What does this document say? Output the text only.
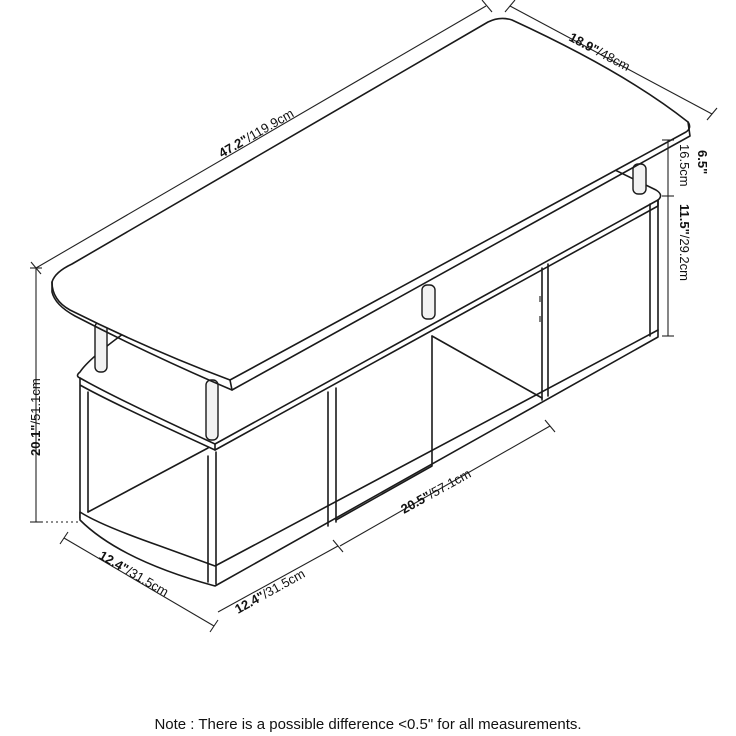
47.2"/119.9cm
18.9"/48cm
6.5"
16.5cm
11.5"/29.2cm
20.1"/51.1cm
12.4"/31.5cm
12.4"/31.5cm
20.5"/57.1cm
Note : There is a possible difference <0.5" for all measurements.
